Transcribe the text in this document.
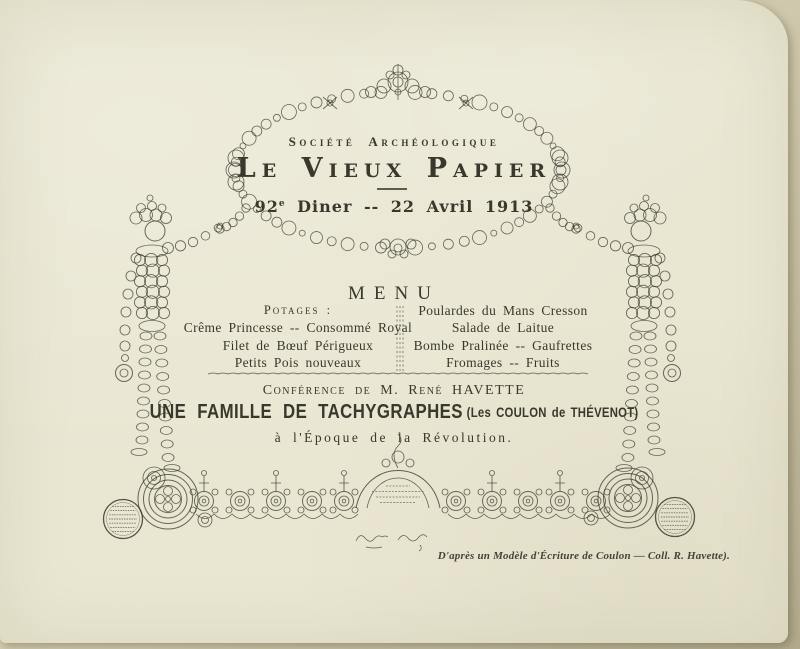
Société Archéologique
Le Vieux Papier
92e Diner -- 22 Avril 1913
MENU
Potages :
Crême Princesse -- Consommé Royal
Filet de Bœuf Périgueux
Petits Pois nouveaux
Poulardes du Mans Cresson
Salade de Laitue
Bombe Pralinée -- Gaufrettes
Fromages -- Fruits
Conférence de M. René HAVETTE
UNE FAMILLE DE TACHYGRAPHES (Les COULON de THÉVENOT)
à l'Époque de la Révolution.
D'après un Modèle d'Écriture de Coulon — Coll. R. Havette).
